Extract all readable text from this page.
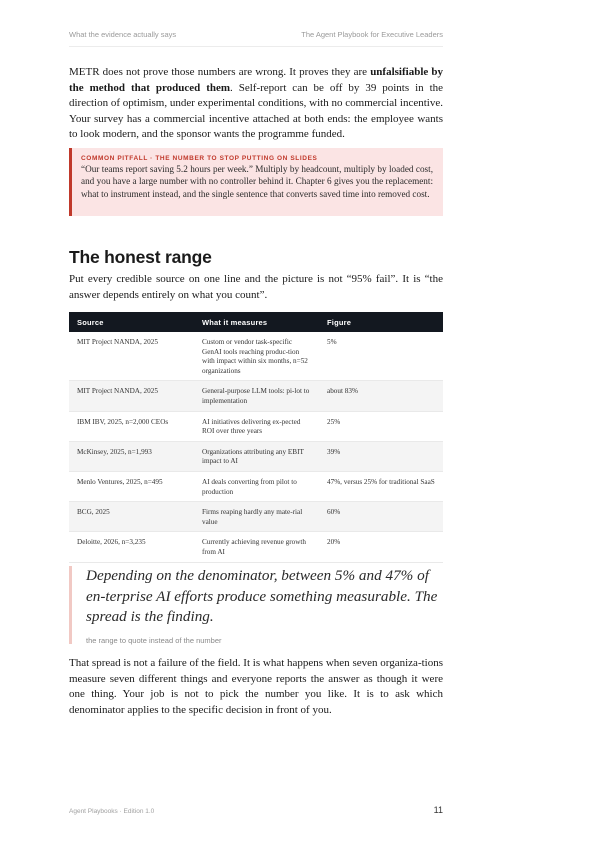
What the evidence actually says	The Agent Playbook for Executive Leaders

METR does not prove those numbers are wrong. It proves they are unfalsifiable by the method that produced them. Self-report can be off by 39 points in the direction of optimism, under experimental conditions, with no commercial incentive. Your survey has a commercial incentive attached at both ends: the employee wants to look modern, and the sponsor wants the programme funded.

COMMON PITFALL · THE NUMBER TO STOP PUTTING ON SLIDES

“Our teams report saving 5.2 hours per week.” Multiply by headcount, multiply by loaded cost, and you have a large number with no controller behind it. Chapter 6 gives you the replacement: what to instrument instead, and the single sentence that converts saved time into removed cost.

The honest range

Put every credible source on one line and the picture is not “95% fail”. It is “the answer depends entirely on what you count”.

Source	What it measures	Figure
MIT Project NANDA, 2025	Custom or vendor task-specific GenAI tools reaching produc-tion with impact within six months, n=52 organizations	5%
MIT Project NANDA, 2025	General-purpose LLM tools: pi-lot to implementation	about 83%
IBM IBV, 2025, n=2,000 CEOs	AI initiatives delivering ex-pected ROI over three years	25%
McKinsey, 2025, n=1,993	Organizations attributing any EBIT impact to AI	39%
Menlo Ventures, 2025, n=495	AI deals converting from pilot to production	47%, versus 25% for traditional SaaS
BCG, 2025	Firms reaping hardly any mate-rial value	60%
Deloitte, 2026, n=3,235	Currently achieving revenue growth from AI	20%

Depending on the denominator, between 5% and 47% of en-terprise AI efforts produce something measurable. The spread is the finding.

the range to quote instead of the number

That spread is not a failure of the field. It is what happens when seven organiza-tions measure seven different things and everyone reports the answer as though it were one thing. Your job is not to pick the number you like. It is to ask which denominator applies to the specific decision in front of you.

Agent Playbooks · Edition 1.0	11
